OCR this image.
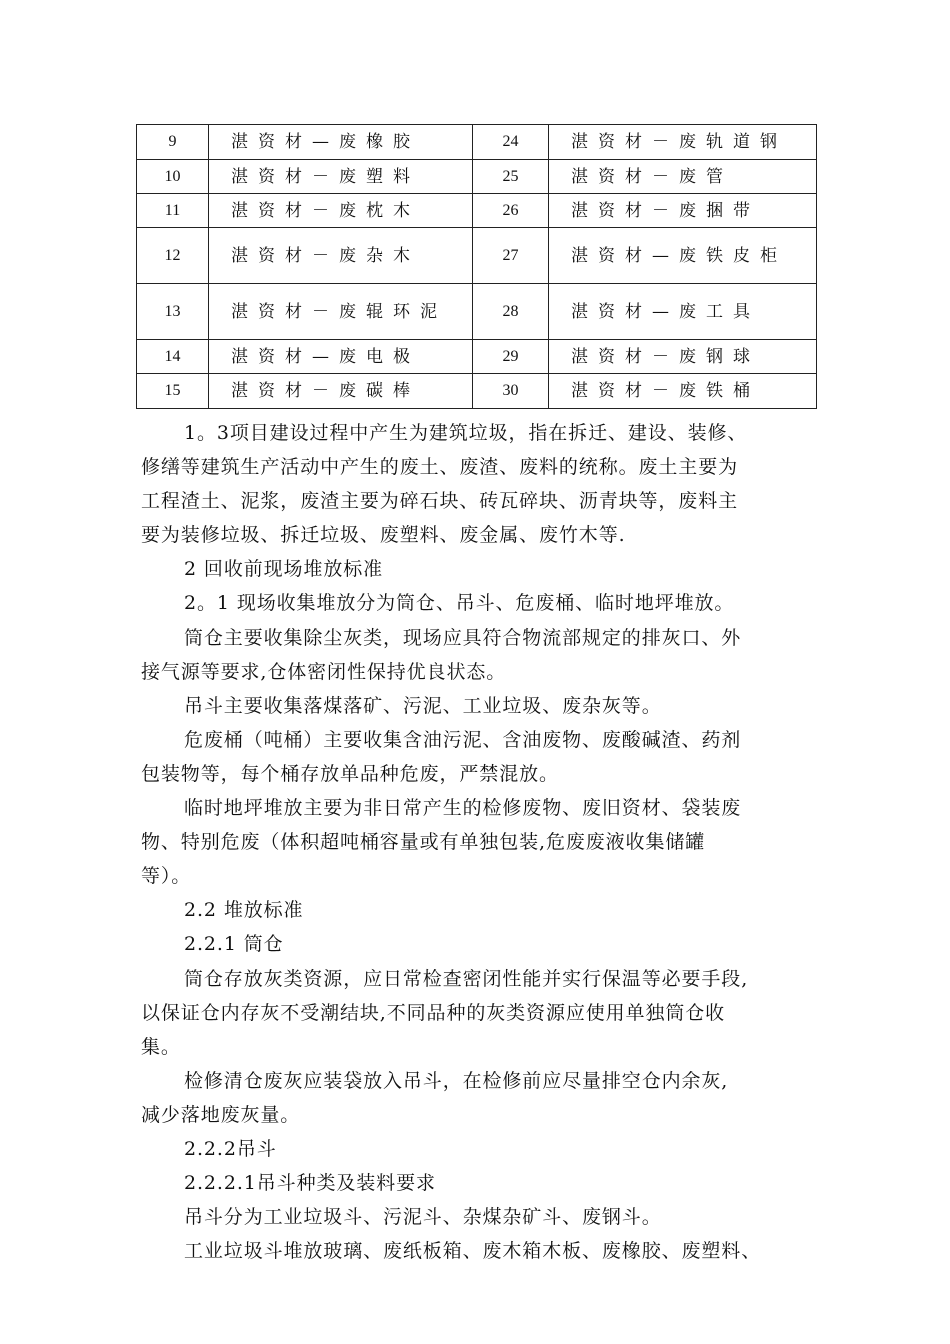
9	湛资材—废橡胶	24	湛资材－废轨道钢
10	湛资材－废塑料	25	湛资材－废管
11	湛资材－废枕木	26	湛资材－废捆带
12	湛资材－废杂木	27	湛资材—废铁皮柜
13	湛资材－废辊环泥	28	湛资材—废工具
14	湛资材—废电极	29	湛资材－废钢球
15	湛资材－废碳棒	30	湛资材－废铁桶

1。3项目建设过程中产生为建筑垃圾，指在拆迁、建设、装修、

修缮等建筑生产活动中产生的废土、废渣、废料的统称。废土主要为

工程渣土、泥浆，废渣主要为碎石块、砖瓦碎块、沥青块等，废料主

要为装修垃圾、拆迁垃圾、废塑料、废金属、废竹木等.

2 回收前现场堆放标准

2。1 现场收集堆放分为筒仓、吊斗、危废桶、临时地坪堆放。

筒仓主要收集除尘灰类，现场应具符合物流部规定的排灰口、外

接气源等要求,仓体密闭性保持优良状态。

吊斗主要收集落煤落矿、污泥、工业垃圾、废杂灰等。

危废桶（吨桶）主要收集含油污泥、含油废物、废酸碱渣、药剂

包装物等，每个桶存放单品种危废，严禁混放。

临时地坪堆放主要为非日常产生的检修废物、废旧资材、袋装废

物、特别危废（体积超吨桶容量或有单独包装,危废废液收集储罐

等）。

2.2 堆放标准

2.2.1 筒仓

筒仓存放灰类资源，应日常检查密闭性能并实行保温等必要手段,

以保证仓内存灰不受潮结块,不同品种的灰类资源应使用单独筒仓收

集。

检修清仓废灰应装袋放入吊斗，在检修前应尽量排空仓内余灰,

减少落地废灰量。

2.2.2吊斗

2.2.2.1吊斗种类及装料要求

吊斗分为工业垃圾斗、污泥斗、杂煤杂矿斗、废钢斗。

工业垃圾斗堆放玻璃、废纸板箱、废木箱木板、废橡胶、废塑料、
